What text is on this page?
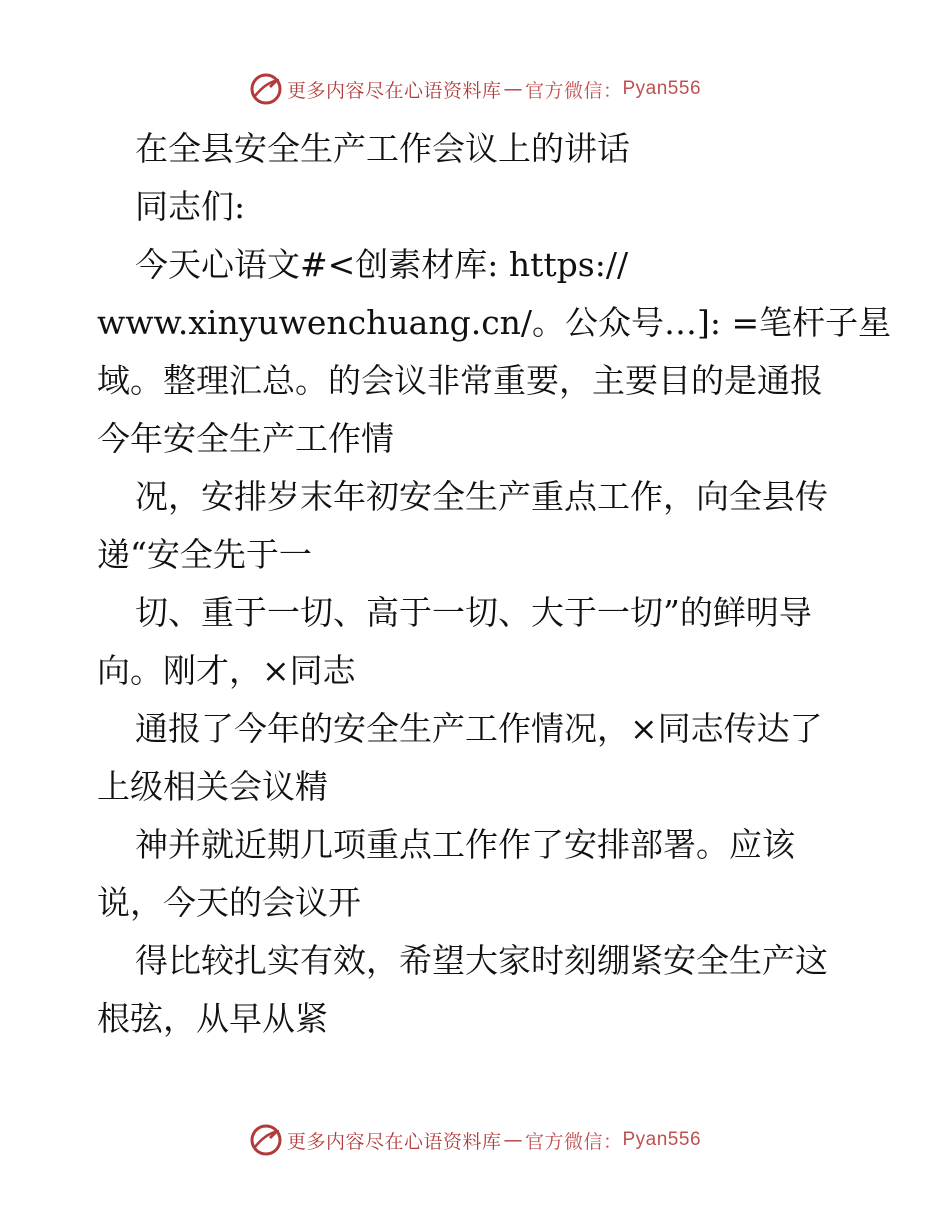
更多内容尽在心语资料库 — 官方微信： Pyan556
在全县安全生产工作会议上的讲话
同志们:
今天心语文#<创素材库: https://
www.xinyuwenchuang.cn/。公众号…]: =笔杆子星
域。整理汇总。的会议非常重要，主要目的是通报
今年安全生产工作情
况，安排岁末年初安全生产重点工作，向全县传
递“安全先于一
切、重于一切、高于一切、大于一切”的鲜明导
向。刚才，×同志
通报了今年的安全生产工作情况，×同志传达了
上级相关会议精
神并就近期几项重点工作作了安排部署。应该
说，今天的会议开
得比较扎实有效，希望大家时刻绷紧安全生产这
根弦，从早从紧
更多内容尽在心语资料库 — 官方微信： Pyan556
